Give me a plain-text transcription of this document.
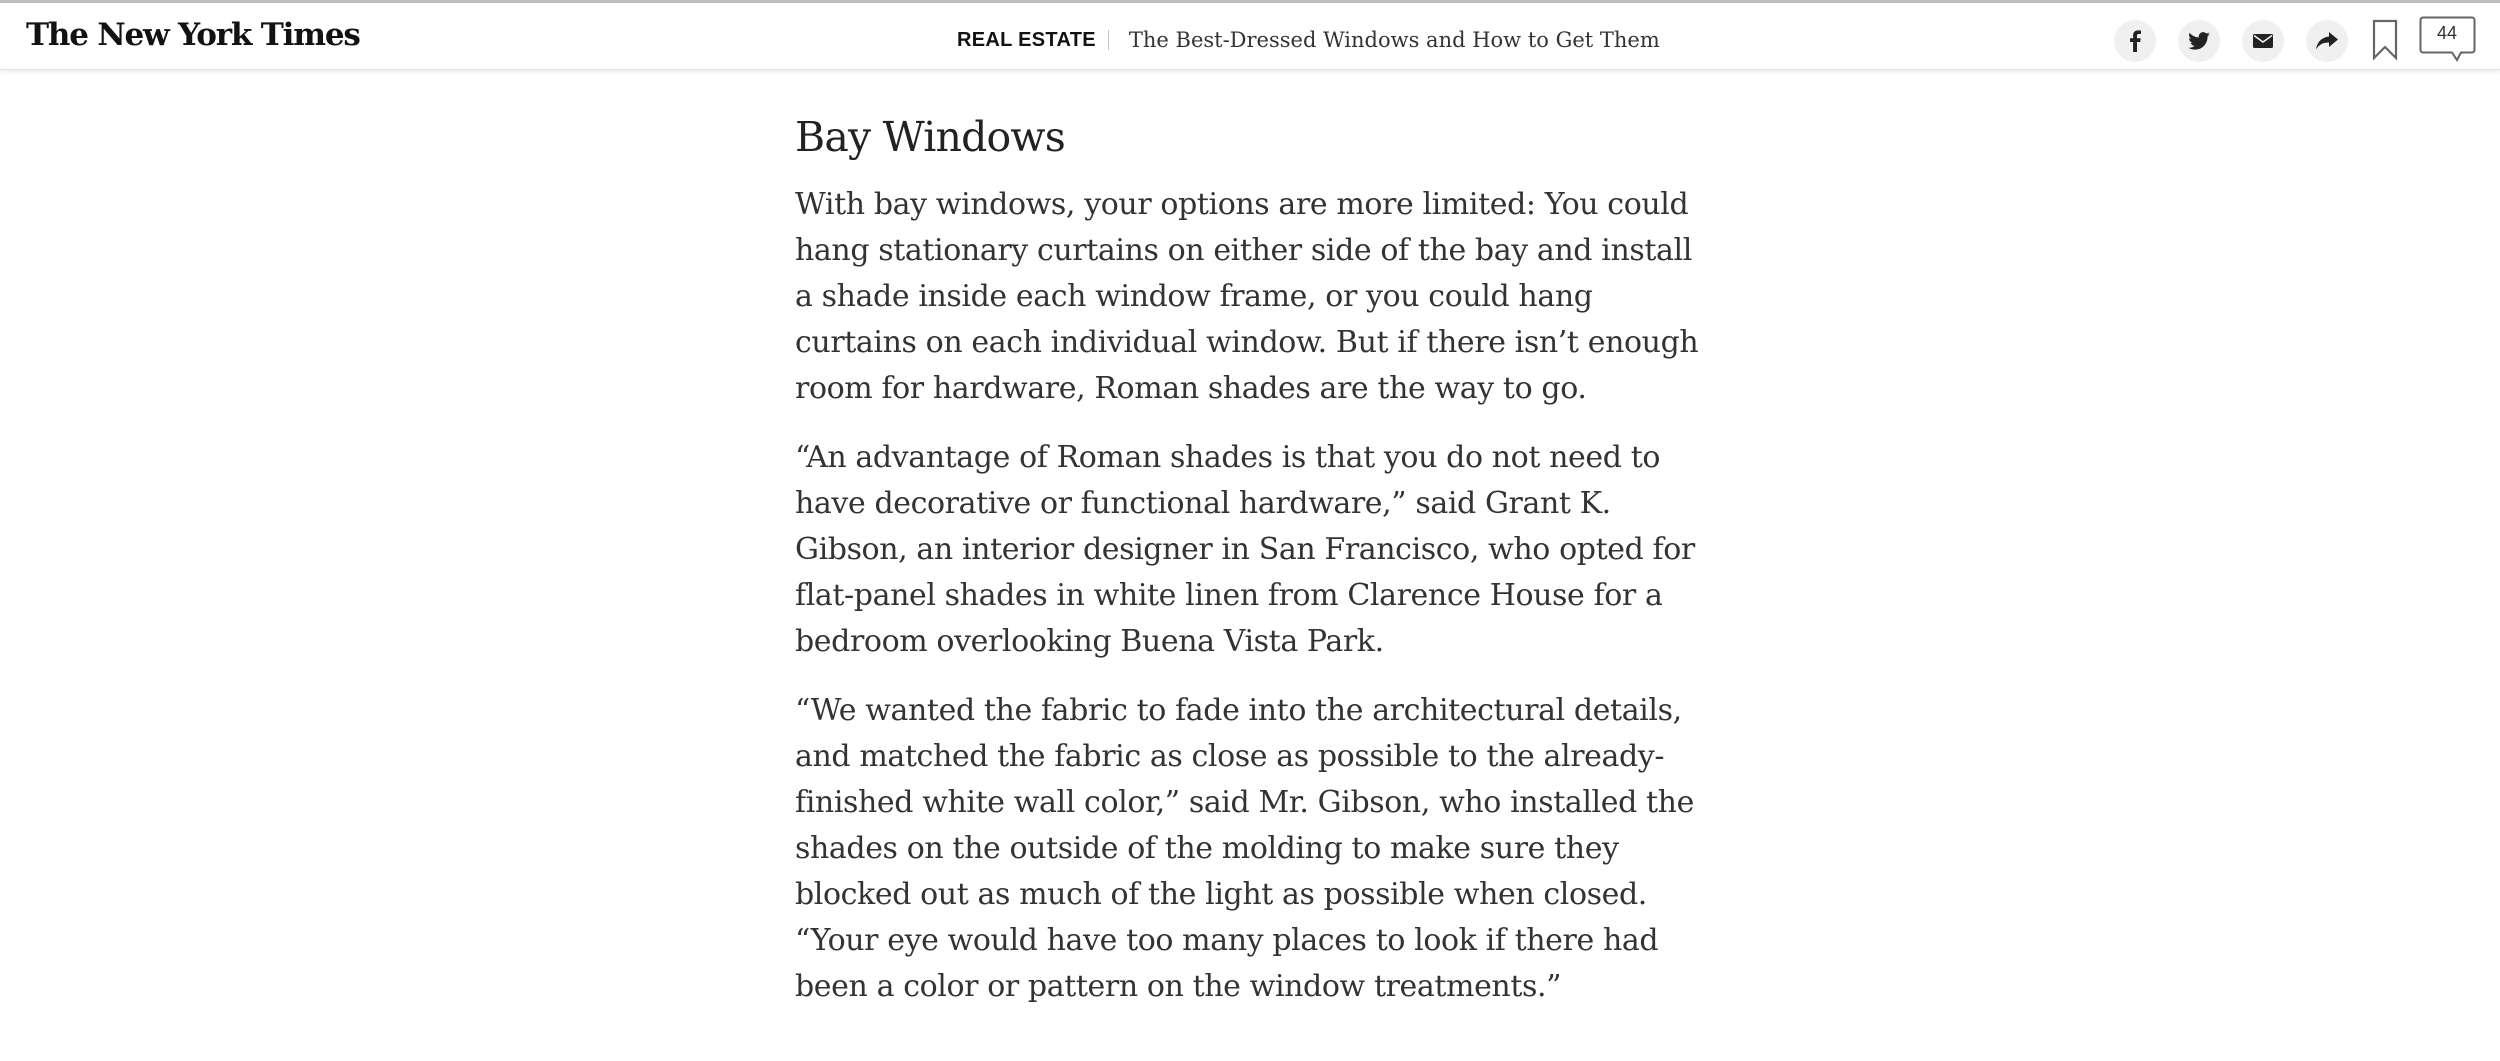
The New York Times	REAL ESTATE The Best-Dressed Windows and How to Get Them	44
Bay Windows

With bay windows, your options are more limited: You could hang stationary curtains on either side of the bay and install a shade inside each window frame, or you could hang curtains on each individual window. But if there isn’t enough room for hardware, Roman shades are the way to go.

“An advantage of Roman shades is that you do not need to have decorative or functional hardware,” said Grant K. Gibson, an interior designer in San Francisco, who opted for flat-panel shades in white linen from Clarence House for a bedroom overlooking Buena Vista Park.

“We wanted the fabric to fade into the architectural details, and matched the fabric as close as possible to the already-finished white wall color,” said Mr. Gibson, who installed the shades on the outside of the molding to make sure they blocked out as much of the light as possible when closed. “Your eye would have too many places to look if there had been a color or pattern on the window treatments.”
